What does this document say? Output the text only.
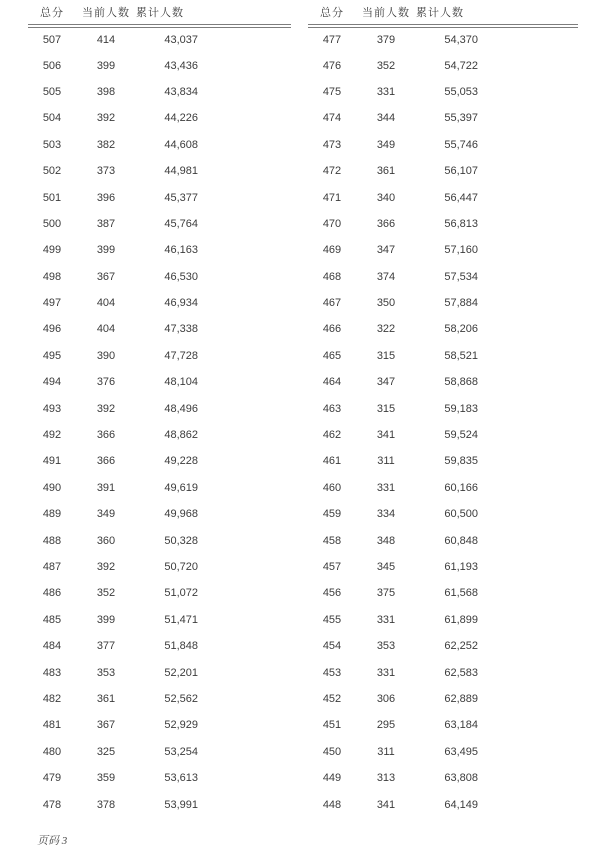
总分	当前人数	累计人数	
507	414	43,037	
506	399	43,436	
505	398	43,834	
504	392	44,226	
503	382	44,608	
502	373	44,981	
501	396	45,377	
500	387	45,764	
499	399	46,163	
498	367	46,530	
497	404	46,934	
496	404	47,338	
495	390	47,728	
494	376	48,104	
493	392	48,496	
492	366	48,862	
491	366	49,228	
490	391	49,619	
489	349	49,968	
488	360	50,328	
487	392	50,720	
486	352	51,072	
485	399	51,471	
484	377	51,848	
483	353	52,201	
482	361	52,562	
481	367	52,929	
480	325	53,254	
479	359	53,613	
478	378	53,991	
总分	当前人数	累计人数	
477	379	54,370	
476	352	54,722	
475	331	55,053	
474	344	55,397	
473	349	55,746	
472	361	56,107	
471	340	56,447	
470	366	56,813	
469	347	57,160	
468	374	57,534	
467	350	57,884	
466	322	58,206	
465	315	58,521	
464	347	58,868	
463	315	59,183	
462	341	59,524	
461	311	59,835	
460	331	60,166	
459	334	60,500	
458	348	60,848	
457	345	61,193	
456	375	61,568	
455	331	61,899	
454	353	62,252	
453	331	62,583	
452	306	62,889	
451	295	63,184	
450	311	63,495	
449	313	63,808	
448	341	64,149	
页码 3
